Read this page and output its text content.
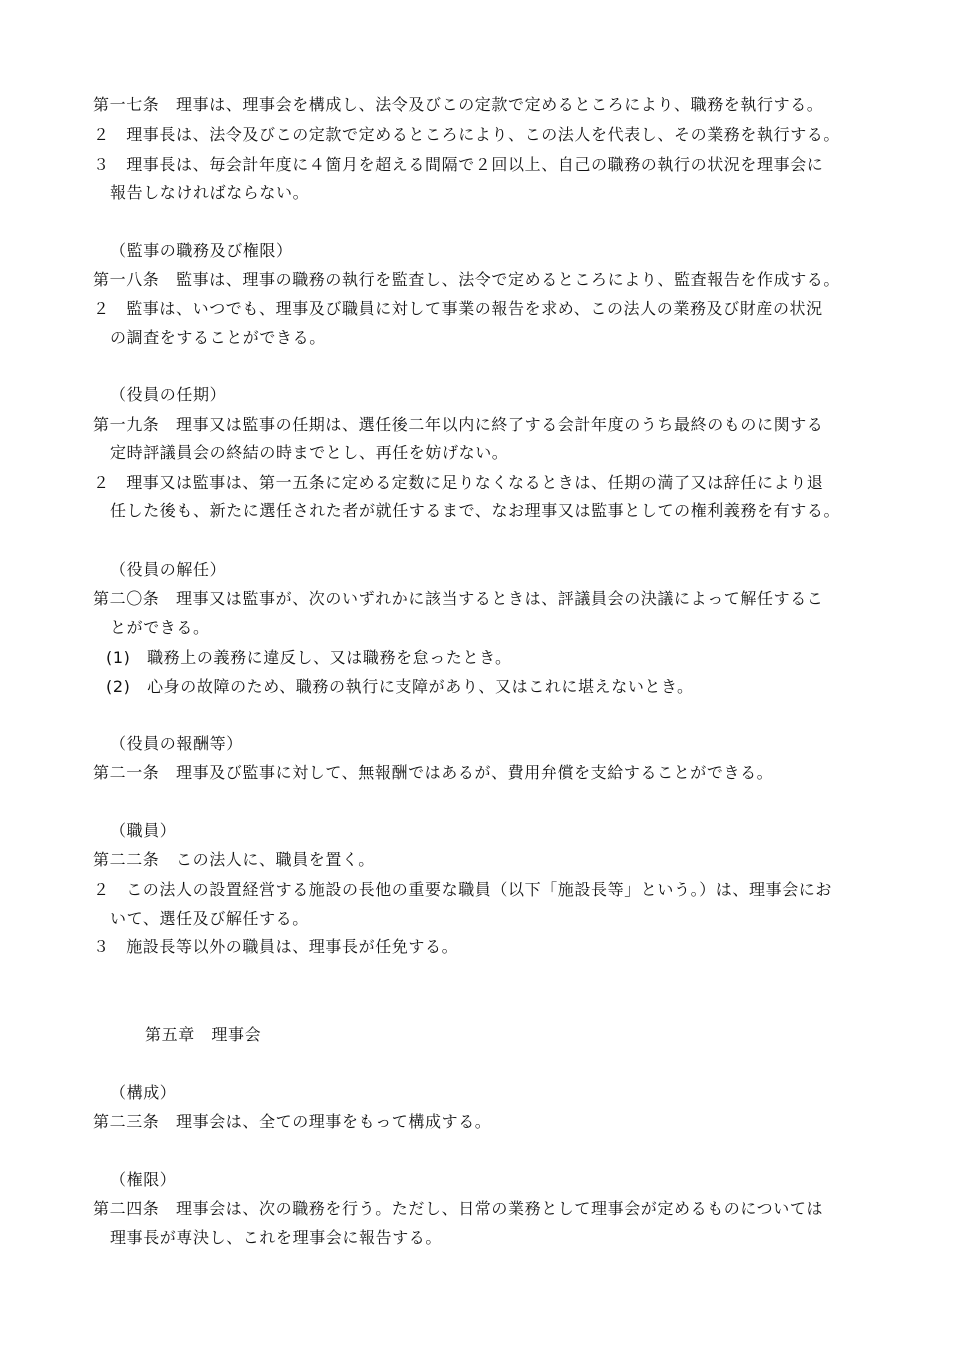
第一七条　理事は、理事会を構成し、法令及びこの定款で定めるところにより、職務を執行する。
２　理事長は、法令及びこの定款で定めるところにより、この法人を代表し、その業務を執行する。
３　理事長は、毎会計年度に４箇月を超える間隔で２回以上、自己の職務の執行の状況を理事会に
報告しなければならない。
（監事の職務及び権限）
第一八条　監事は、理事の職務の執行を監査し、法令で定めるところにより、監査報告を作成する。
２　監事は、いつでも、理事及び職員に対して事業の報告を求め、この法人の業務及び財産の状況
の調査をすることができる。
（役員の任期）
第一九条　理事又は監事の任期は、選任後二年以内に終了する会計年度のうち最終のものに関する
定時評議員会の終結の時までとし、再任を妨げない。
２　理事又は監事は、第一五条に定める定数に足りなくなるときは、任期の満了又は辞任により退
任した後も、新たに選任された者が就任するまで、なお理事又は監事としての権利義務を有する。
（役員の解任）
第二〇条　理事又は監事が、次のいずれかに該当するときは、評議員会の決議によって解任するこ
とができる。
(1)　職務上の義務に違反し、又は職務を怠ったとき。
(2)　心身の故障のため、職務の執行に支障があり、又はこれに堪えないとき。
（役員の報酬等）
第二一条　理事及び監事に対して、無報酬ではあるが、費用弁償を支給することができる。
（職員）
第二二条　この法人に、職員を置く。
２　この法人の設置経営する施設の長他の重要な職員（以下「施設長等」という。）は、理事会にお
いて、選任及び解任する。
３　施設長等以外の職員は、理事長が任免する。
第五章　理事会
（構成）
第二三条　理事会は、全ての理事をもって構成する。
（権限）
第二四条　理事会は、次の職務を行う。ただし、日常の業務として理事会が定めるものについては
理事長が専決し、これを理事会に報告する。
